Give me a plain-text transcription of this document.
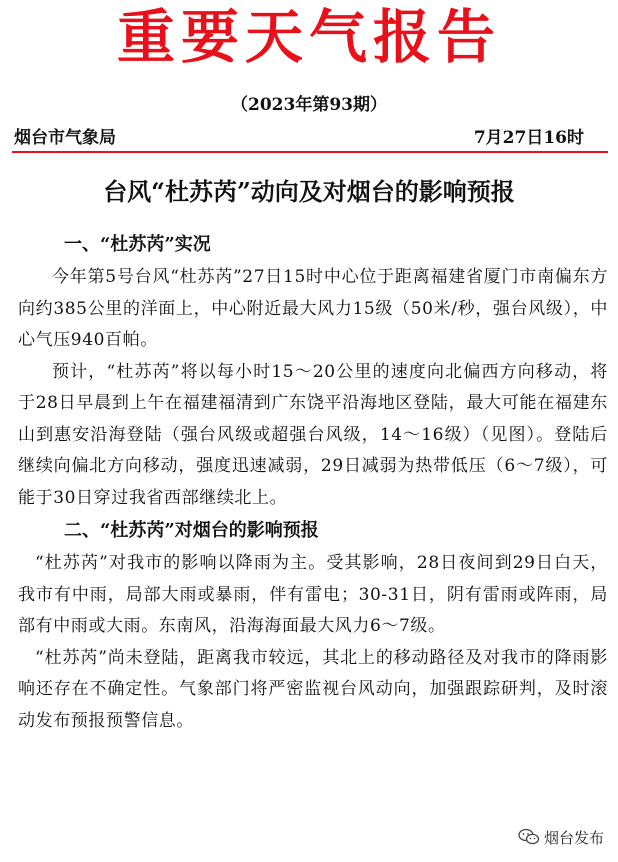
重要天气报告
（2023年第93期）
烟台市气象局	7月27日16时
台风“杜苏芮”动向及对烟台的影响预报
一、“杜苏芮”实况

今年第5号台风“杜苏芮”27日15时中心位于距离福建省厦门市南偏东方向约385公里的洋面上，中心附近最大风力15级（50米/秒，强台风级），中心气压940百帕。

预计，“杜苏芮”将以每小时15～20公里的速度向北偏西方向移动，将于28日早晨到上午在福建福清到广东饶平沿海地区登陆，最大可能在福建东山到惠安沿海登陆（强台风级或超强台风级，14～16级）（见图）。登陆后继续向偏北方向移动，强度迅速减弱，29日减弱为热带低压（6～7级），可能于30日穿过我省西部继续北上。

二、“杜苏芮”对烟台的影响预报

“杜苏芮”对我市的影响以降雨为主。受其影响，28日夜间到29日白天，我市有中雨，局部大雨或暴雨，伴有雷电；30-31日，阴有雷雨或阵雨，局部有中雨或大雨。东南风，沿海海面最大风力6～7级。

“杜苏芮”尚未登陆，距离我市较远，其北上的移动路径及对我市的降雨影响还存在不确定性。气象部门将严密监视台风动向，加强跟踪研判，及时滚动发布预报预警信息。

烟台发布
